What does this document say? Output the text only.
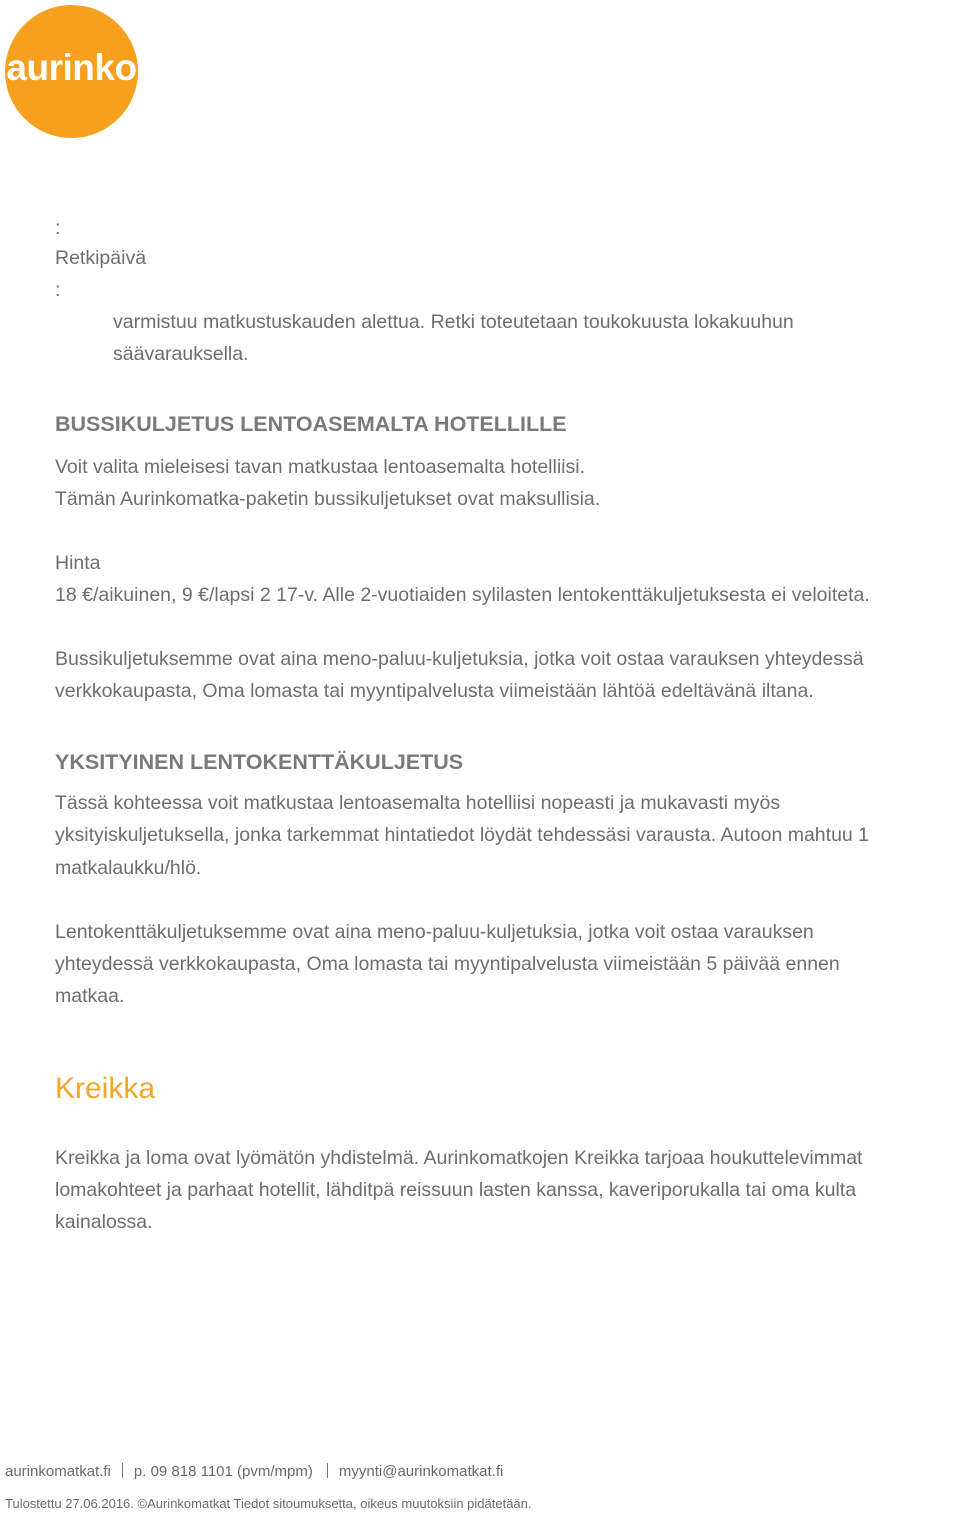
aurinko
:
Retkipäivä
:
varmistuu matkustuskauden alettua. Retki toteutetaan toukokuusta lokakuuhun
säävarauksella.
BUSSIKULJETUS LENTOASEMALTA HOTELLILLE
Voit valita mieleisesi tavan matkustaa lentoasemalta hotelliisi.
Tämän Aurinkomatka-paketin bussikuljetukset ovat maksullisia.
Hinta
18 €/aikuinen, 9 €/lapsi 2 17-v. Alle 2-vuotiaiden sylilasten lentokenttäkuljetuksesta ei veloiteta.
Bussikuljetuksemme ovat aina meno-paluu-kuljetuksia, jotka voit ostaa varauksen yhteydessä
verkkokaupasta, Oma lomasta tai myyntipalvelusta viimeistään lähtöä edeltävänä iltana.
YKSITYINEN LENTOKENTTÄKULJETUS
Tässä kohteessa voit matkustaa lentoasemalta hotelliisi nopeasti ja mukavasti myös
yksityiskuljetuksella, jonka tarkemmat hintatiedot löydät tehdessäsi varausta. Autoon mahtuu 1
matkalaukku/hlö.
Lentokenttäkuljetuksemme ovat aina meno-paluu-kuljetuksia, jotka voit ostaa varauksen
yhteydessä verkkokaupasta, Oma lomasta tai myyntipalvelusta viimeistään 5 päivää ennen
matkaa.
Kreikka
Kreikka ja loma ovat lyömätön yhdistelmä. Aurinkomatkojen Kreikka tarjoaa houkuttelevimmat
lomakohteet ja parhaat hotellit, lähditpä reissuun lasten kanssa, kaveriporukalla tai oma kulta
kainalossa.
aurinkomatkat.fi p. 09 818 1101 (pvm/mpm) myynti@aurinkomatkat.fi
Tulostettu 27.06.2016. ©Aurinkomatkat Tiedot sitoumuksetta, oikeus muutoksiin pidätetään.
